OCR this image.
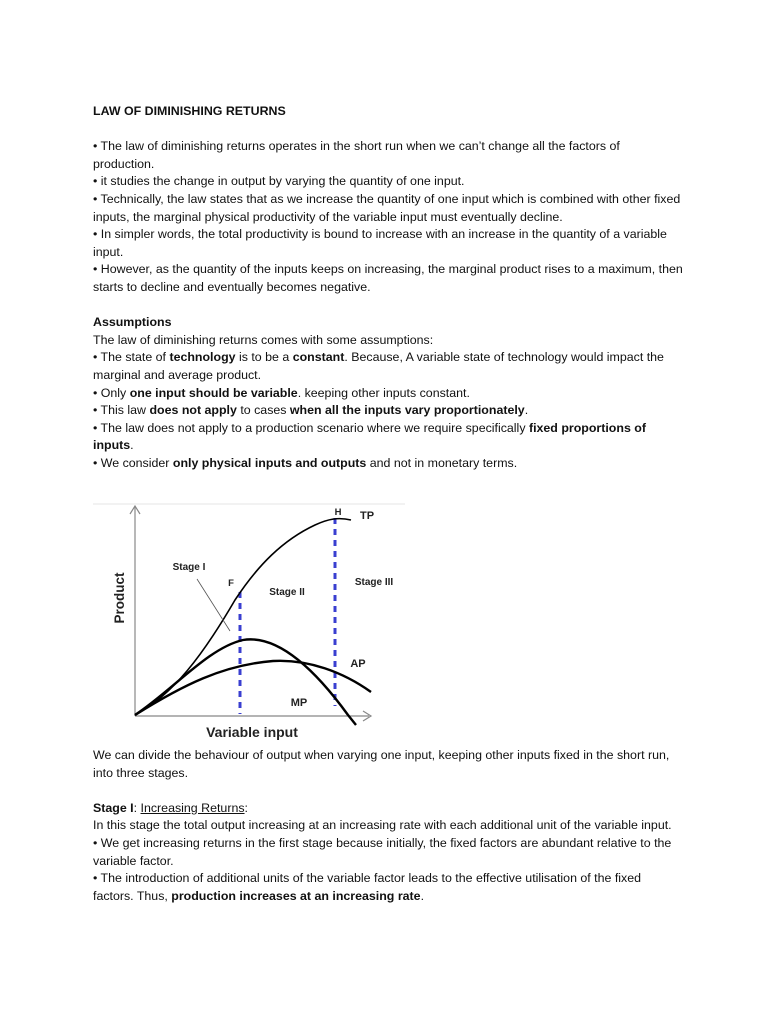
LAW OF DIMINISHING RETURNS

• The law of diminishing returns operates in the short run when we can’t change all the factors of production.

• it studies the change in output by varying the quantity of one input.

• Technically, the law states that as we increase the quantity of one input which is combined with other fixed inputs, the marginal physical productivity of the variable input must eventually decline.

• In simpler words, the total productivity is bound to increase with an increase in the quantity of a variable input.

• However, as the quantity of the inputs keeps on increasing, the marginal product rises to a maximum, then starts to decline and eventually becomes negative.

Assumptions

The law of diminishing returns comes with some assumptions:

• The state of technology is to be a constant. Because, A variable state of technology would impact the marginal and average product.

• Only one input should be variable. keeping other inputs constant.

• This law does not apply to cases when all the inputs vary proportionately.

• The law does not apply to a production scenario where we require specifically fixed proportions of inputs.

• We consider only physical inputs and outputs and not in monetary terms.

Product
Variable input
Stage I
Stage II
Stage III
F
H TP
AP
MP

We can divide the behaviour of output when varying one input, keeping other inputs fixed in the short run, into three stages.

Stage I: Increasing Returns:

In this stage the total output increasing at an increasing rate with each additional unit of the variable input.

• We get increasing returns in the first stage because initially, the fixed factors are abundant relative to the variable factor.

• The introduction of additional units of the variable factor leads to the effective utilisation of the fixed factors. Thus, production increases at an increasing rate.
